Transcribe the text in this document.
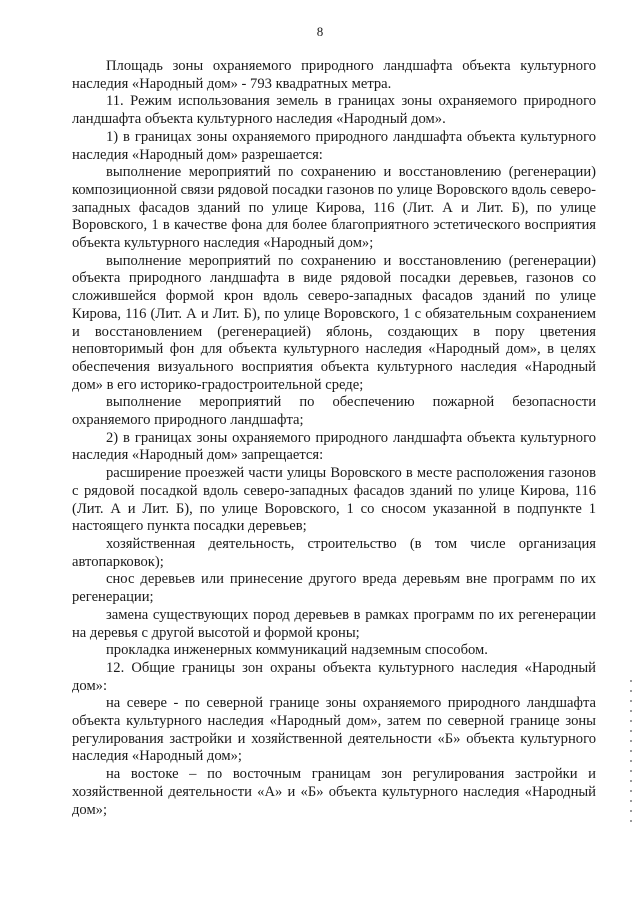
8

Площадь зоны охраняемого природного ландшафта объекта культурного наследия «Народный дом» - 793 квадратных метра.

11. Режим использования земель в границах зоны охраняемого природного ландшафта объекта культурного наследия «Народный дом».

1) в границах зоны охраняемого природного ландшафта объекта культурного наследия «Народный дом» разрешается:

выполнение мероприятий по сохранению и восстановлению (регенерации) композиционной связи рядовой посадки газонов по улице Воровского вдоль северо-западных фасадов зданий по улице Кирова, 116 (Лит. А и Лит. Б), по улице Воровского, 1 в качестве фона для более благоприятного эстетического восприятия объекта культурного наследия «Народный дом»;

выполнение мероприятий по сохранению и восстановлению (регенерации) объекта природного ландшафта в виде рядовой посадки деревьев, газонов со сложившейся формой крон вдоль северо-западных фасадов зданий по улице Кирова, 116 (Лит. А и Лит. Б), по улице Воровского, 1 с обязательным сохранением и восстановлением (регенерацией) яблонь, создающих в пору цветения неповторимый фон для объекта культурного наследия «Народный дом», в целях обеспечения визуального восприятия объекта культурного наследия «Народный дом» в его историко-градостроительной среде;

выполнение мероприятий по обеспечению пожарной безопасности охраняемого природного ландшафта;

2) в границах зоны охраняемого природного ландшафта объекта культурного наследия «Народный дом» запрещается:

расширение проезжей части улицы Воровского в месте расположения газонов с рядовой посадкой вдоль северо-западных фасадов зданий по улице Кирова, 116 (Лит. А и Лит. Б), по улице Воровского, 1 со сносом указанной в подпункте 1 настоящего пункта посадки деревьев;

хозяйственная деятельность, строительство (в том числе организация автопарковок);

снос деревьев или принесение другого вреда деревьям вне программ по их регенерации;

замена существующих пород деревьев в рамках программ по их регенерации на деревья с другой высотой и формой кроны;

прокладка инженерных коммуникаций надземным способом.

12. Общие границы зон охраны объекта культурного наследия «Народный дом»:

на севере - по северной границе зоны охраняемого природного ландшафта объекта культурного наследия «Народный дом», затем по северной границе зоны регулирования застройки и хозяйственной деятельности «Б» объекта культурного наследия «Народный дом»;

на востоке – по восточным границам зон регулирования застройки и хозяйственной деятельности «А» и «Б» объекта культурного наследия «Народный дом»;
